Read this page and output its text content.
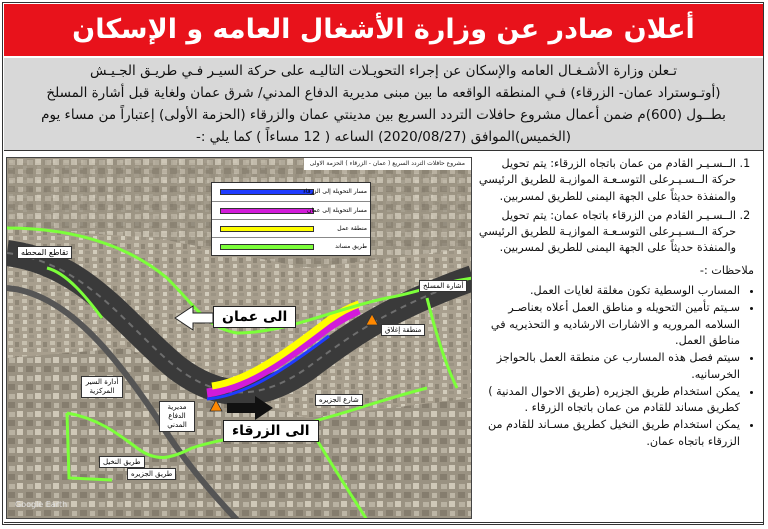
أعلان صادر عن وزارة الأشغال العامه و الإسكان

تـعلن وزارة الأشـغـال العامه والإسكان عن إجراء التحويـلات التاليـه على حركة السيـر فـي طريـق الجـيـش

(أوتـوستراد عمان- الزرقاء) فـي المنطقه الواقعه ما بين مبنى مديرية الدفاع المدني/ شرق عمان ولغاية قبل أشارة المسلخ

بطــول (600)م ضمن أعمال مشروع حافلات التردد السريع بين مدينتي عمان والزرقاء (الحزمة الأولى) إعتباراً من مساء يوم

(الخميس)الموافق (2020/08/27) الساعه ( 12 مساءاً ) كما يلي :-

مشروع حافلات التردد السريع ( عمان - الزرقاء ) الحزمة الاولى
مسار التحويلة إلى الزرقاء
مسار التحويلة إلى عمان
منطقة عمل
طريق مساند
تقاطع المحطه
أشارة المسلخ
منطقة إغلاق
أدارة السير المركزية
مديرية الدفاع المدني
شارع الجزيره
طريق الجزيره
طريق النخيل
الى عمان
الى الزرقاء
Google Earth
1. الــسـيـر القادم من عمان باتجاه الزرقاء: يتم تحويل حركة الــسـيـرعلى التوسـعـة الموازيـة للطريق الرئيسي والمنفذة حديثاً على الجهة اليمنى للطريق لمسربين.
2. الــسـيـر القادم من الزرقاء باتجاه عمان: يتم تحويل حركة الــسـيـرعلى التوسـعـة الموازيـة للطريق الرئيسي والمنفذة حديثاً على الجهة اليمنى للطريق لمسربين.
ملاحظات :-
• المسارب الوسطية تكون مغلقة لغايات العمل.
• سـيتم تأمين التحويله و مناطق العمل أعلاه بعناصـر السلامه المروريه و الاشارات الارشاديه و التحذيريه في مناطق العمل.
• سيتم فصل هذه المسارب عن منطقة العمل بالحواجز الخرسانيه.
• يمكن استخدام طريق الجزيره (طريق الاحوال المدنية ) كطريق مساند للقادم من عمان باتجاه الزرقاء .
• يمكن استخدام طريق النخيل كطريق مسـاند للقادم من الزرقاء باتجاه عمان.
